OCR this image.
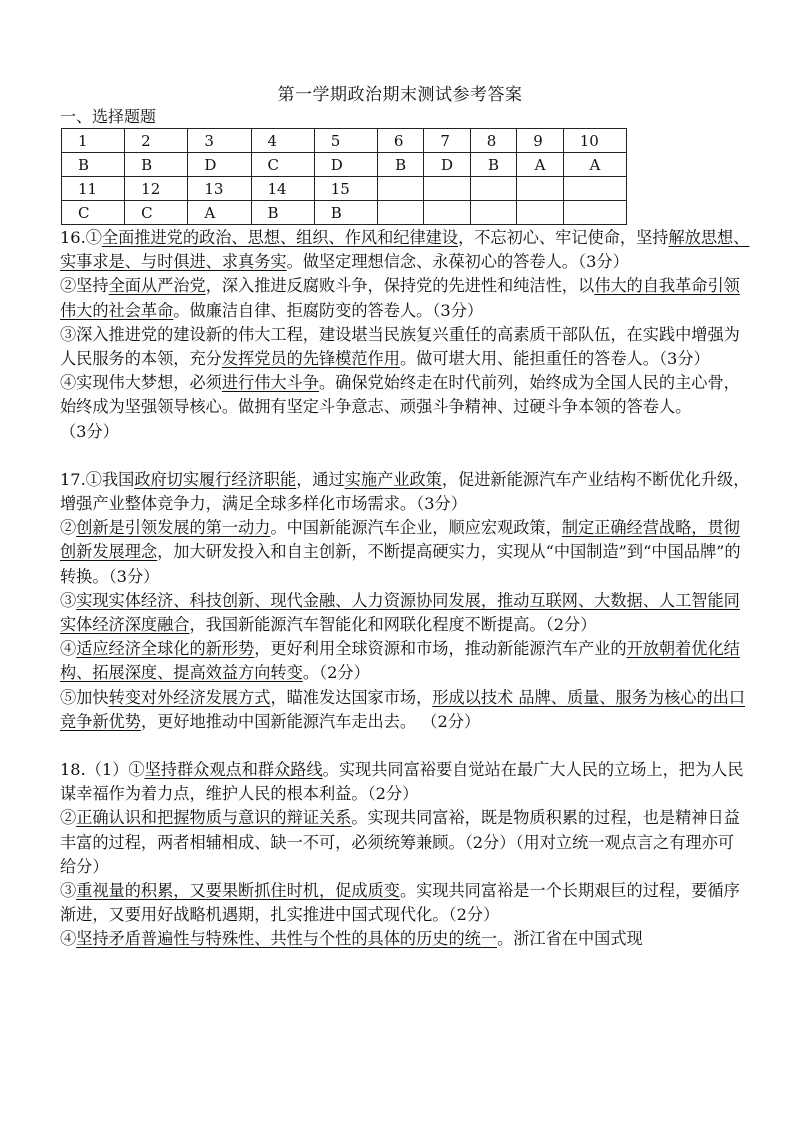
第一学期政治期末测试参考答案
一、选择题题
1	2	3	4	5	6	7	8	9	10
B	B	D	C	D	B	D	B	A	A
11	12	13	14	15					
C	C	A	B	B					

16.①全面推进党的政治、思想、组织、作风和纪律建设，不忘初心、牢记使命，坚持解放思想、实事求是、与时俱进、求真务实。做坚定理想信念、永葆初心的答卷人。（3分）

②坚持全面从严治党，深入推进反腐败斗争，保持党的先进性和纯洁性，以伟大的自我革命引领伟大的社会革命。做廉洁自律、拒腐防变的答卷人。（3分）

③深入推进党的建设新的伟大工程，建设堪当民族复兴重任的高素质干部队伍，在实践中增强为人民服务的本领，充分发挥党员的先锋模范作用。做可堪大用、能担重任的答卷人。（3分）

④实现伟大梦想，必须进行伟大斗争。确保党始终走在时代前列，始终成为全国人民的主心骨，始终成为坚强领导核心。做拥有坚定斗争意志、顽强斗争精神、过硬斗争本领的答卷人。

（3分）

17.①我国政府切实履行经济职能，通过实施产业政策，促进新能源汽车产业结构不断优化升级，增强产业整体竞争力，满足全球多样化市场需求。（3分）

②创新是引领发展的第一动力。中国新能源汽车企业，顺应宏观政策，制定正确经营战略，贯彻创新发展理念，加大研发投入和自主创新，不断提高硬实力，实现从“中国制造”到“中国品牌”的转换。（3分）

③实现实体经济、科技创新、现代金融、人力资源协同发展，推动互联网、大数据、人工智能同实体经济深度融合，我国新能源汽车智能化和网联化程度不断提高。（2分）

④适应经济全球化的新形势，更好利用全球资源和市场，推动新能源汽车产业的开放朝着优化结构、拓展深度、提高效益方向转变。（2分）

⑤加快转变对外经济发展方式，瞄准发达国家市场，形成以技术 品牌、质量、服务为核心的出口竞争新优势，更好地推动中国新能源汽车走出去。 （2分）

18.（1）①坚持群众观点和群众路线。实现共同富裕要自觉站在最广大人民的立场上，把为人民谋幸福作为着力点，维护人民的根本利益。（2分）

②正确认识和把握物质与意识的辩证关系。实现共同富裕，既是物质积累的过程，也是精神日益丰富的过程，两者相辅相成、缺一不可，必须统筹兼顾。（2分）（用对立统一观点言之有理亦可给分）

③重视量的积累，又要果断抓住时机，促成质变。实现共同富裕是一个长期艰巨的过程，要循序渐进，又要用好战略机遇期，扎实推进中国式现代化。（2分）

④坚持矛盾普遍性与特殊性、共性与个性的具体的历史的统一。浙江省在中国式现
